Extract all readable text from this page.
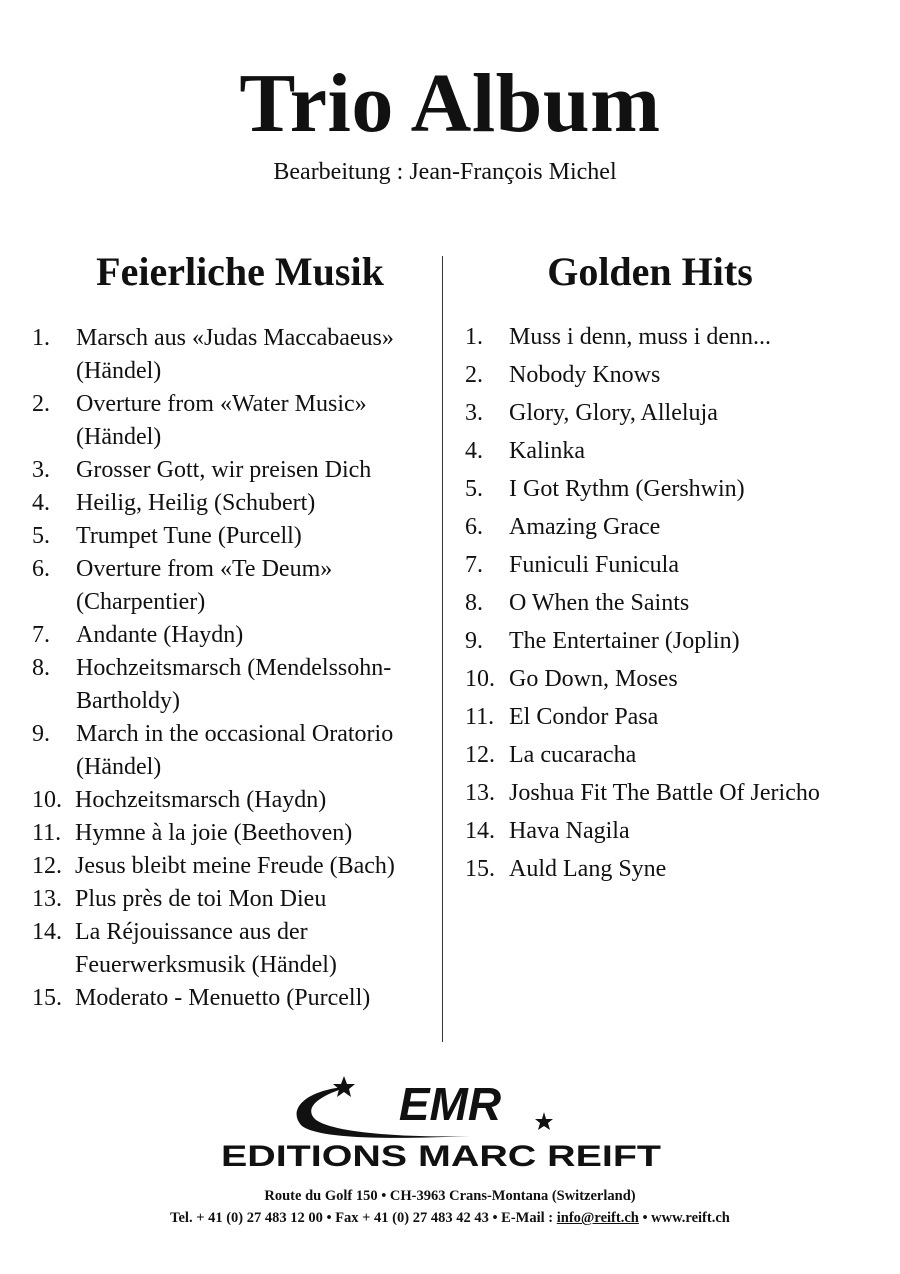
Trio Album
Bearbeitung : Jean-François Michel
Feierliche Musik	Golden Hits
1. Marsch aus «Judas Maccabaeus» (Händel)
2. Overture from «Water Music» (Händel)
3. Grosser Gott, wir preisen Dich
4. Heilig, Heilig (Schubert)
5. Trumpet Tune (Purcell)
6. Overture from «Te Deum» (Charpentier)
7. Andante (Haydn)
8. Hochzeitsmarsch (Mendelssohn-Bartholdy)
9. March in the occasional Oratorio (Händel)
10. Hochzeitsmarsch (Haydn)
11. Hymne à la joie (Beethoven)
12. Jesus bleibt meine Freude (Bach)
13. Plus près de toi Mon Dieu
14. La Réjouissance aus der Feuerwerksmusik (Händel)
15. Moderato - Menuetto (Purcell)
1. Muss i denn, muss i denn...
2. Nobody Knows
3. Glory, Glory, Alleluja
4. Kalinka
5. I Got Rythm (Gershwin)
6. Amazing Grace
7. Funiculi Funicula
8. O When the Saints
9. The Entertainer (Joplin)
10. Go Down, Moses
11. El Condor Pasa
12. La cucaracha
13. Joshua Fit The Battle Of Jericho
14. Hava Nagila
15. Auld Lang Syne
EMR
EDITIONS MARC REIFT
Route du Golf 150 • CH-3963 Crans-Montana (Switzerland)
Tel. + 41 (0) 27 483 12 00 • Fax + 41 (0) 27 483 42 43 • E-Mail : info@reift.ch • www.reift.ch
